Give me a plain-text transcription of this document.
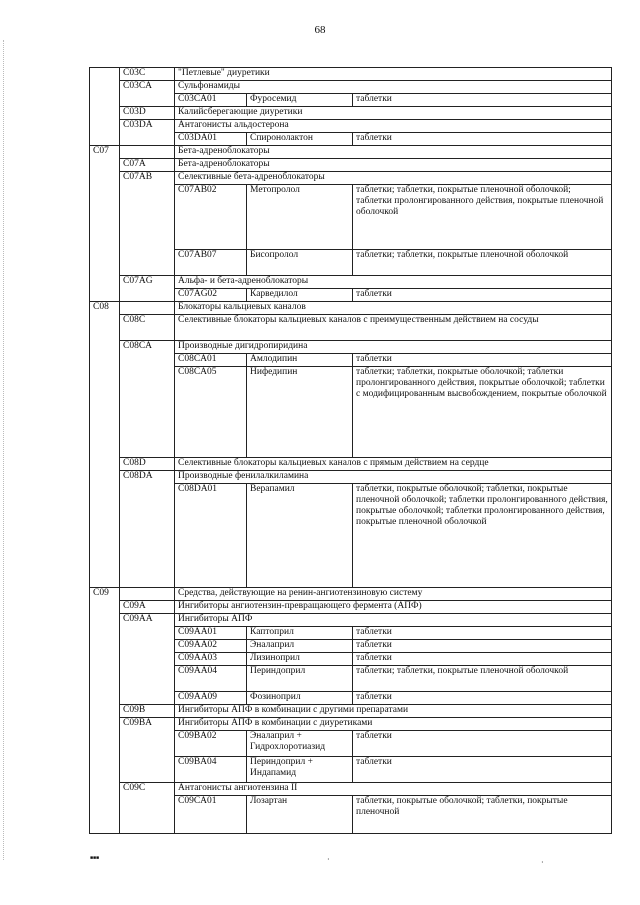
68
	C03C	"Петлевые" диуретики		
	C03CA	Сульфонамиды		
		C03CA01	Фуросемид	таблетки
	C03D	Калийсберегающие диуретики		
	C03DA	Антагонисты альдостерона		
		C03DA01	Спиронолактон	таблетки
C07		Бета-адреноблокаторы		
	C07A	Бета-адреноблокаторы		
	C07AB	Селективные бета-адреноблокаторы		
		C07AB02	Метопролол	таблетки; таблетки, покрытые пленочной оболочкой; таблетки пролонгированного действия, покрытые пленочной оболочкой
		C07AB07	Бисопролол	таблетки; таблетки, покрытые пленочной оболочкой
	C07AG	Альфа- и бета-адреноблокаторы		
		C07AG02	Карведилол	таблетки
C08		Блокаторы кальциевых каналов		
	C08C	Селективные блокаторы кальциевых каналов с преимущественным действием на сосуды		
	C08CA	Производные дигидропиридина		
		C08CA01	Амлодипин	таблетки
		C08CA05	Нифедипин	таблетки; таблетки, покрытые оболочкой; таблетки пролонгированного действия, покрытые оболочкой; таблетки с модифицированным высвобождением, покрытые оболочкой
	C08D	Селективные блокаторы кальциевых каналов с прямым действием на сердце		
	C08DA	Производные фенилалкиламина		
		C08DA01	Верапамил	таблетки, покрытые оболочкой; таблетки, покрытые пленочной оболочкой; таблетки пролонгированного действия, покрытые оболочкой; таблетки пролонгированного действия, покрытые пленочной оболочкой
C09		Средства, действующие на ренин-ангиотензиновую систему		
	C09A	Ингибиторы ангиотензин-превращающего фермента (АПФ)		
	C09AA	Ингибиторы АПФ		
		C09AA01	Каптоприл	таблетки
		C09AA02	Эналаприл	таблетки
		C09AA03	Лизиноприл	таблетки
		C09AA04	Периндоприл	таблетки; таблетки, покрытые пленочной оболочкой
		C09AA09	Фозиноприл	таблетки
	C09B	Ингибиторы АПФ в комбинации с другими препаратами		
	C09BA	Ингибиторы АПФ в комбинации с диуретиками		
		C09BA02	Эналаприл + Гидрохлоротиазид	таблетки
		C09BA04	Периндоприл + Индапамид	таблетки
	C09C	Антагонисты ангиотензина II		
		C09CA01	Лозартан	таблетки, покрытые оболочкой; таблетки, покрытые пленочной
■■■	·	·
